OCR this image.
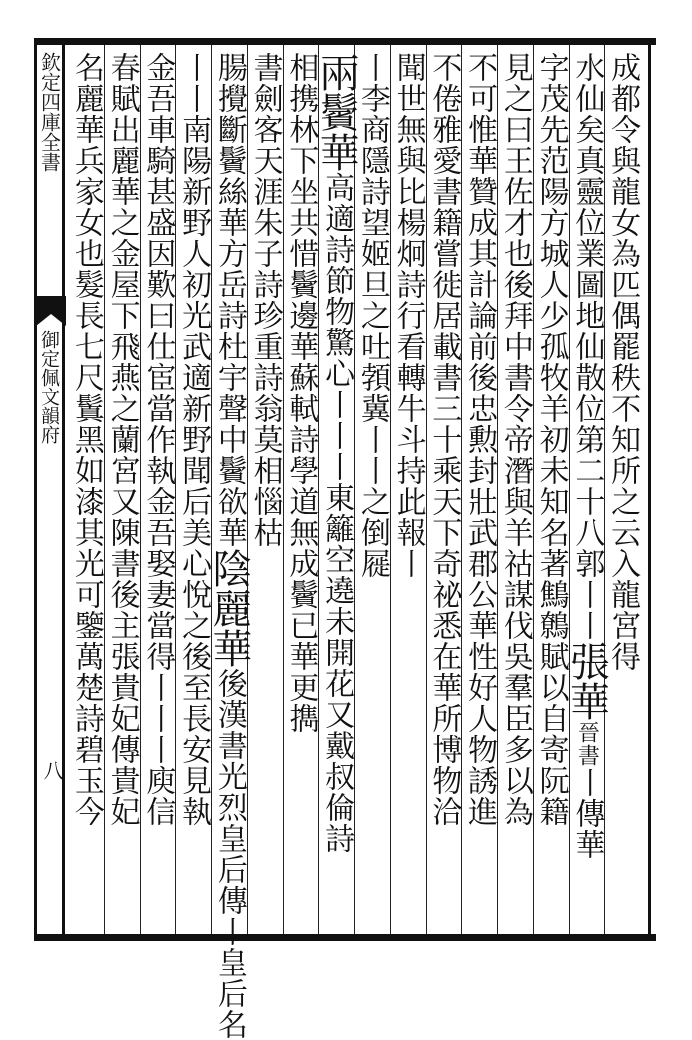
欽定四庫全書
御定佩文韻府
八
成都令與龍女為匹偶罷秩不知所之云入龍宮得
水仙矣真靈位業圖地仙散位第二十八郭丨丨張華晉書丨傳華
字茂先范陽方城人少孤牧羊初未知名著鷦鷯賦以自寄阮籍
見之曰王佐才也後拜中書令帝潛與羊祜謀伐吳羣臣多以為
不可惟華贊成其計論前後忠勲封壯武郡公華性好人物誘進
不倦雅愛書籍嘗徙居載書三十乘天下奇祕悉在華所博物洽
聞世無與比楊炯詩行看轉牛斗持此報丨
丨李商隱詩望姬旦之吐𩓐冀丨丨之倒屣
兩鬢華高適詩節物驚心丨丨丨東籬空遶未開花又戴叔倫詩
相携林下坐共惜鬢邊華蘇軾詩學道無成鬢已華更擕
書劍客天涯朱子詩珍重詩翁莫相惱枯
腸攪斷鬢絲華方岳詩杜宇聲中鬢欲華陰麗華後漢書光烈皇后傳丨皇后名
丨丨南陽新野人初光武適新野聞后美心悅之後至長安見執
金吾車騎甚盛因歎曰仕宦當作執金吾娶妻當得丨丨丨庾信
春賦出麗華之金屋下飛燕之蘭宮又陳書後主張貴妃傳貴妃
名麗華兵家女也髮長七尺鬒黑如漆其光可鑒萬楚詩碧玉今
